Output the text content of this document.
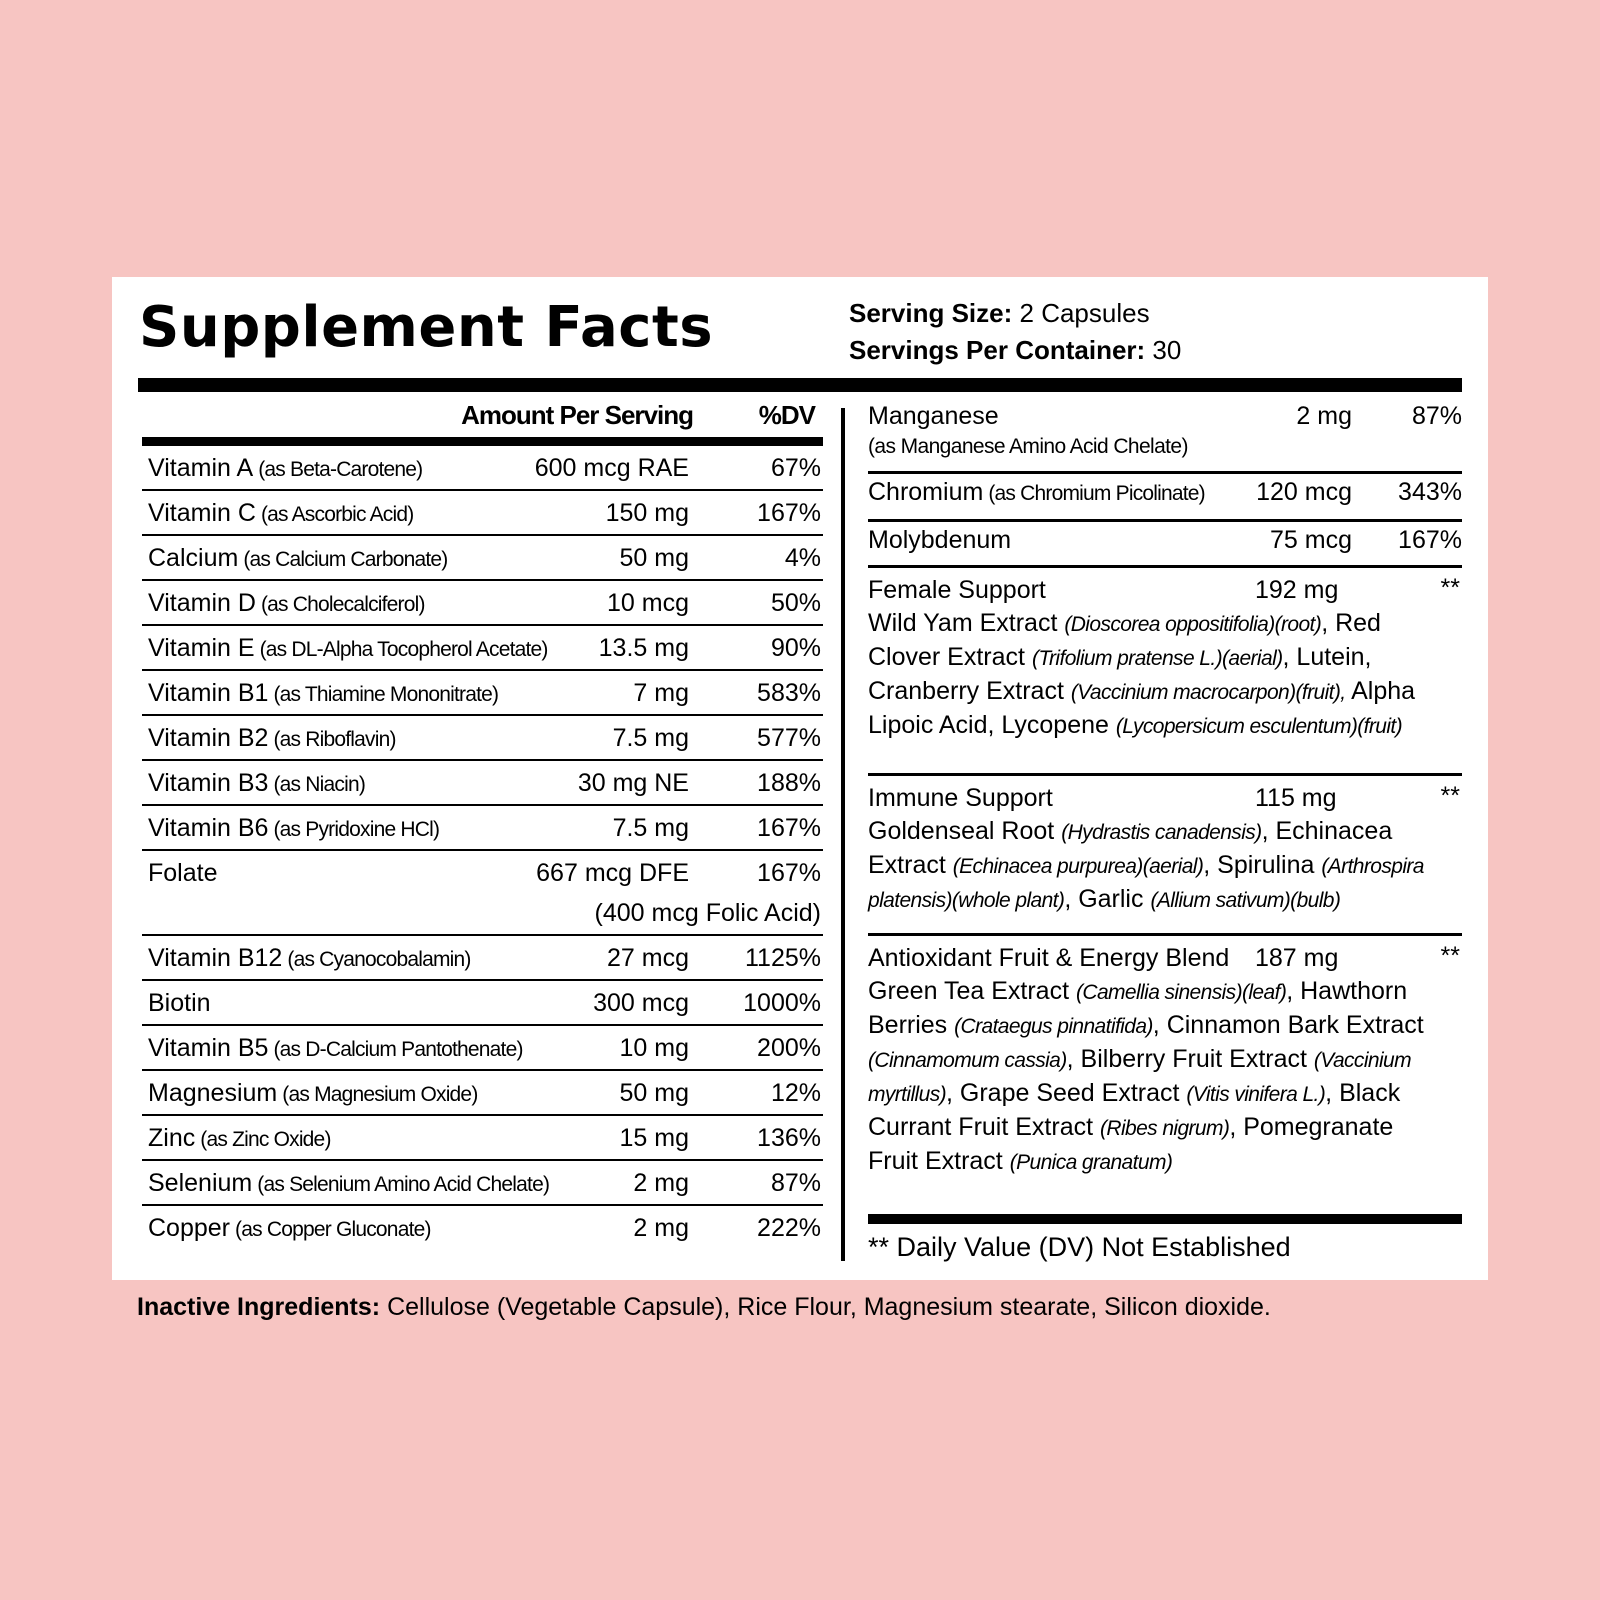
Supplement Facts	Serving Size: 2 Capsules
Servings Per Container: 30
Amount Per Serving	%DV
Vitamin A (as Beta-Carotene)	600 mcg RAE	67%
Vitamin C (as Ascorbic Acid)	150 mg	167%
Calcium (as Calcium Carbonate)	50 mg	4%
Vitamin D (as Cholecalciferol)	10 mcg	50%
Vitamin E (as DL-Alpha Tocopherol Acetate) 13.5 mg	90%
Vitamin B1 (as Thiamine Mononitrate)	7 mg	583%
Vitamin B2 (as Riboflavin)	7.5 mg	577%
Vitamin B3 (as Niacin)	30 mg NE	188%
Vitamin B6 (as Pyridoxine HCl)	7.5 mg	167%
Folate	667 mcg DFE	167%
(400 mcg Folic Acid)
Vitamin B12 (as Cyanocobalamin)	27 mcg 1125%
Biotin	300 mcg 1000%
Vitamin B5 (as D-Calcium Pantothenate)	10 mg	200%
Magnesium (as Magnesium Oxide)	50 mg	12%
Zinc (as Zinc Oxide)	15 mg	136%
Selenium (as Selenium Amino Acid Chelate)	2 mg	87%
Copper (as Copper Gluconate)	2 mg	222%
Manganese	2 mg 87%
(as Manganese Amino Acid Chelate)
Chromium (as Chromium Picolinate) 120 mcg 343%
Molybdenum	75 mcg 167%
Female Support	192 mg	**
Wild Yam Extract (Dioscorea oppositifolia)(root), Red Clover Extract (Trifolium pratense L.)(aerial), Lutein, Cranberry Extract (Vaccinium macrocarpon)(fruit), Alpha Lipoic Acid, Lycopene (Lycopersicum esculentum)(fruit)
Immune Support	115 mg	**
Goldenseal Root (Hydrastis canadensis), Echinacea Extract (Echinacea purpurea)(aerial), Spirulina (Arthrospira platensis)(whole plant), Garlic (Allium sativum)(bulb)
Antioxidant Fruit & Energy Blend 187 mg	**
Green Tea Extract (Camellia sinensis)(leaf), Hawthorn Berries (Crataegus pinnatifida), Cinnamon Bark Extract (Cinnamomum cassia), Bilberry Fruit Extract (Vaccinium myrtillus), Grape Seed Extract (Vitis vinifera L.), Black Currant Fruit Extract (Ribes nigrum), Pomegranate Fruit Extract (Punica granatum)
** Daily Value (DV) Not Established
Inactive Ingredients: Cellulose (Vegetable Capsule), Rice Flour, Magnesium stearate, Silicon dioxide.
